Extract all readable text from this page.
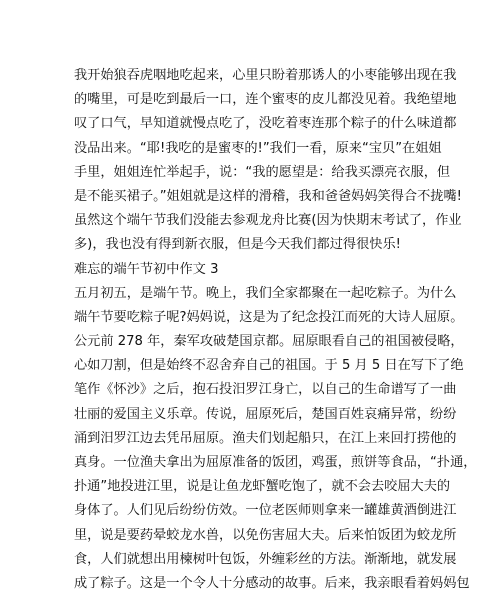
我开始狼吞虎咽地吃起来，心里只盼着那诱人的小枣能够出现在我
的嘴里，可是吃到最后一口，连个蜜枣的皮儿都没见着。我绝望地
叹了口气，早知道就慢点吃了，没吃着枣连那个粽子的什么味道都
没品出来。“耶!我吃的是蜜枣的!”我们一看，原来“宝贝”在姐姐
手里，姐姐连忙举起手，说：“我的愿望是：给我买漂亮衣服，但
是不能买裙子。”姐姐就是这样的滑稽，我和爸爸妈妈笑得合不拢嘴!
虽然这个端午节我们没能去参观龙舟比赛(因为快期末考试了，作业
多)，我也没有得到新衣服，但是今天我们都过得很快乐!
难忘的端午节初中作文 3
五月初五，是端午节。晚上，我们全家都聚在一起吃粽子。为什么
端午节要吃粽子呢?妈妈说，这是为了纪念投江而死的大诗人屈原。
公元前 278 年，秦军攻破楚国京都。屈原眼看自己的祖国被侵略，
心如刀割，但是始终不忍舍弃自己的祖国。于 5 月 5 日在写下了绝
笔作《怀沙》之后，抱石投汨罗江身亡，以自己的生命谱写了一曲
壮丽的爱国主义乐章。传说，屈原死后，楚国百姓哀痛异常，纷纷
涌到汨罗江边去凭吊屈原。渔夫们划起船只，在江上来回打捞他的
真身。一位渔夫拿出为屈原准备的饭团，鸡蛋，煎饼等食品，“扑通，
扑通”地投进江里，说是让鱼龙虾蟹吃饱了，就不会去咬屈大夫的
身体了。人们见后纷纷仿效。一位老医师则拿来一罐雄黄酒倒进江
里，说是要药晕蛟龙水兽，以免伤害屈大夫。后来怕饭团为蛟龙所
食，人们就想出用楝树叶包饭，外缠彩丝的方法。渐渐地，就发展
成了粽子。这是一个令人十分感动的故事。后来，我亲眼看着妈妈包
